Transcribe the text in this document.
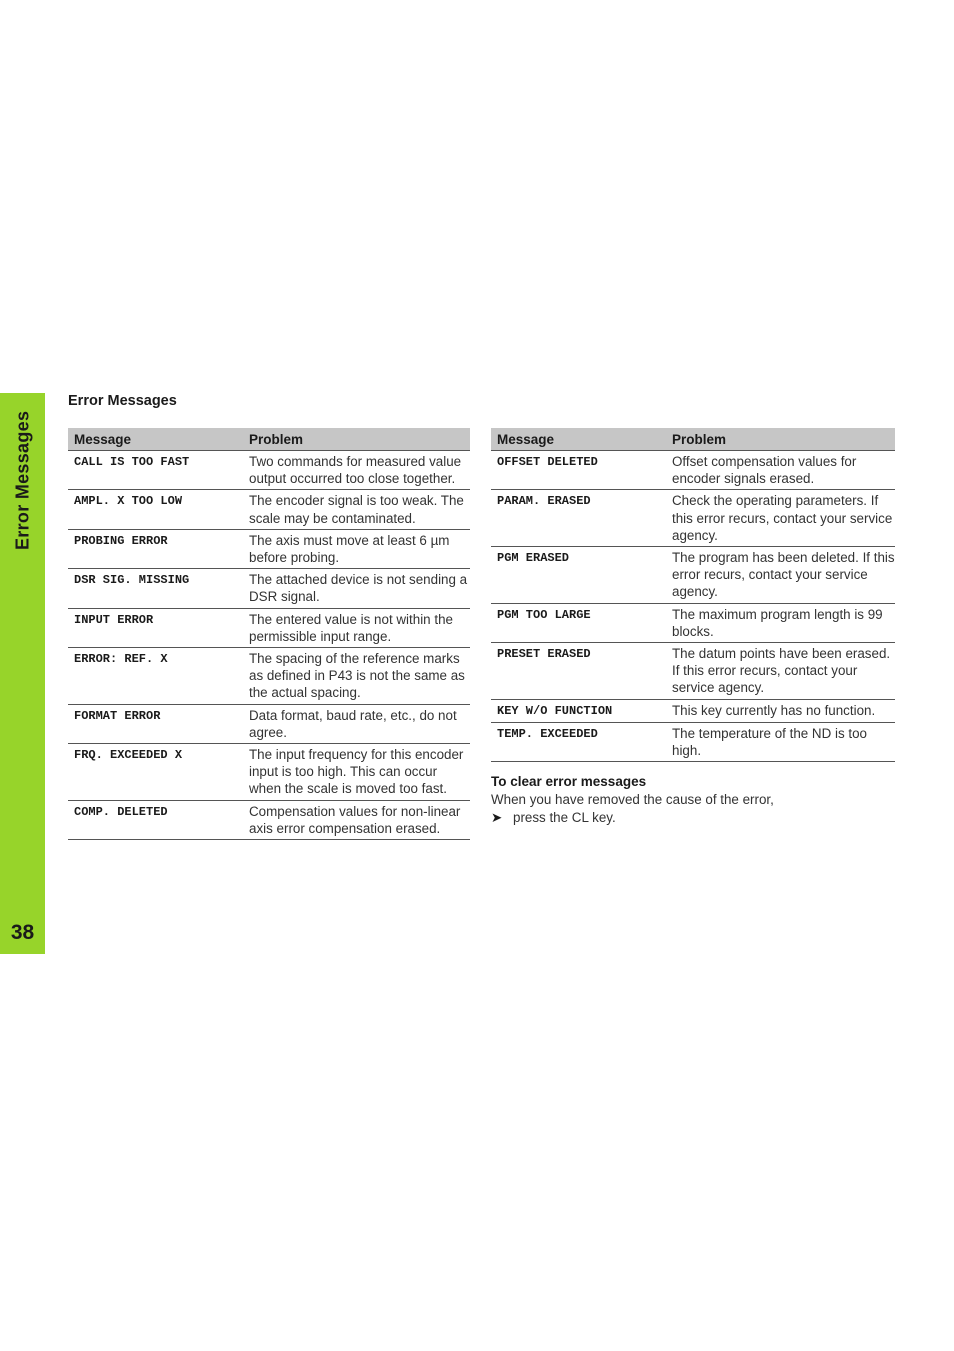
Error Messages
38
Error Messages
Message	Problem
CALL IS TOO FAST	Two commands for measured value output occurred too close together.
AMPL. X TOO LOW	The encoder signal is too weak. The scale may be contaminated.
PROBING ERROR	The axis must move at least 6 µm before probing.
DSR SIG. MISSING	The attached device is not sending a DSR signal.
INPUT ERROR	The entered value is not within the permissible input range.
ERROR: REF. X	The spacing of the reference marks as defined in P43 is not the same as the actual spacing.
FORMAT ERROR	Data format, baud rate, etc., do not agree.
FRQ. EXCEEDED X	The input frequency for this encoder input is too high. This can occur when the scale is moved too fast.
COMP. DELETED	Compensation values for non-linear axis error compensation erased.
Message	Problem
OFFSET DELETED	Offset compensation values for encoder signals erased.
PARAM. ERASED	Check the operating parameters. If this error recurs, contact your service agency.
PGM ERASED	The program has been deleted. If this error recurs, contact your service agency.
PGM TOO LARGE	The maximum program length is 99 blocks.
PRESET ERASED	The datum points have been erased. If this error recurs, contact your service agency.
KEY W/O FUNCTION	This key currently has no function.
TEMP. EXCEEDED	The temperature of the ND is too high.
To clear error messages
When you have removed the cause of the error,
➤ press the CL key.
